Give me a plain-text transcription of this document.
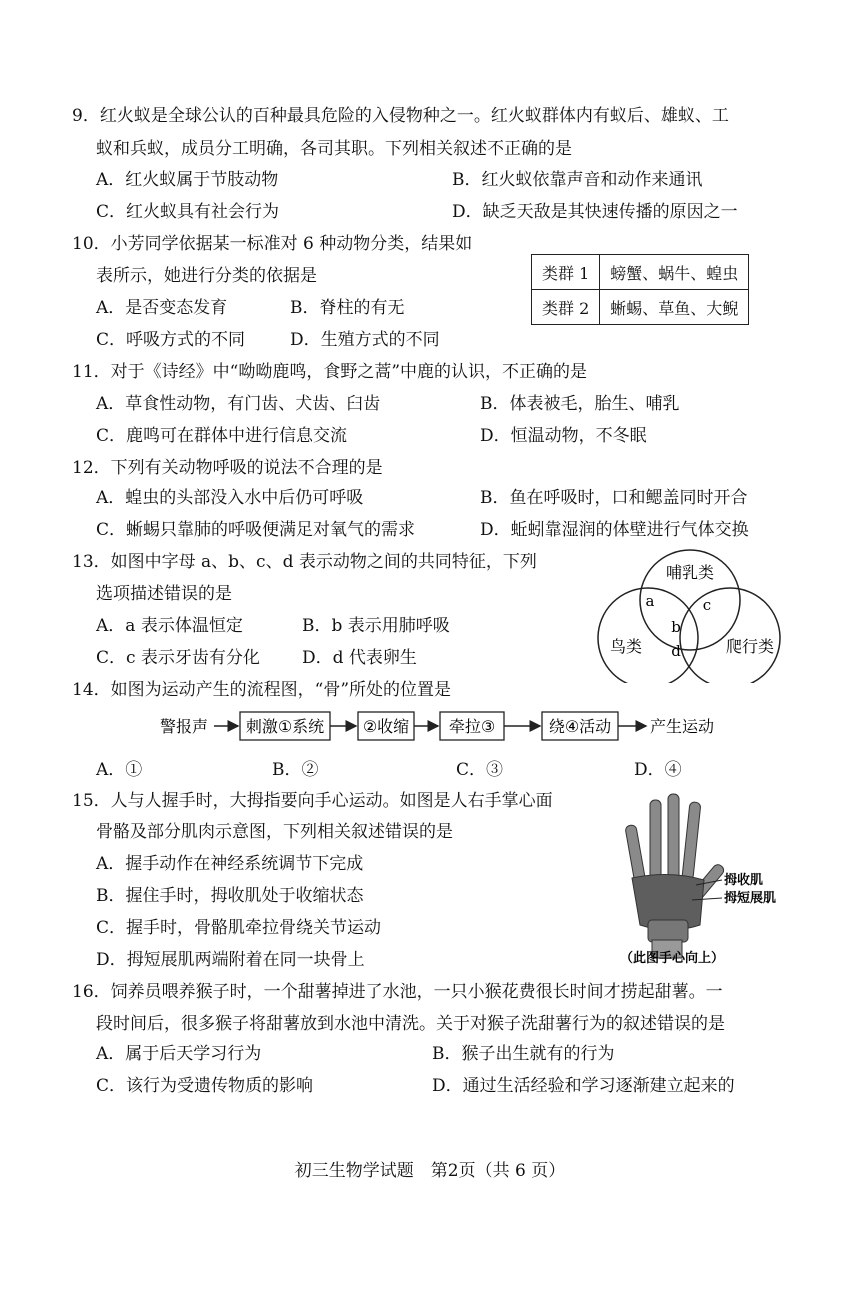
9．红火蚁是全球公认的百种最具危险的入侵物种之一。红火蚁群体内有蚁后、雄蚁、工
蚁和兵蚁，成员分工明确，各司其职。下列相关叙述不正确的是
A．红火蚁属于节肢动物	B．红火蚁依靠声音和动作来通讯
C．红火蚁具有社会行为	D．缺乏天敌是其快速传播的原因之一
10．小芳同学依据某一标准对 6 种动物分类，结果如
表所示，她进行分类的依据是
A．是否变态发育	B．脊柱的有无
C．呼吸方式的不同	D．生殖方式的不同
类群 1	螃蟹、蜗牛、蝗虫
类群 2	蜥蜴、草鱼、大鲵
11．对于《诗经》中“呦呦鹿鸣，食野之蒿”中鹿的认识，不正确的是
A．草食性动物，有门齿、犬齿、臼齿	B．体表被毛，胎生、哺乳
C．鹿鸣可在群体中进行信息交流	D．恒温动物，不冬眠
12．下列有关动物呼吸的说法不合理的是
A．蝗虫的头部没入水中后仍可呼吸	B．鱼在呼吸时，口和鳃盖同时开合
C．蜥蜴只靠肺的呼吸便满足对氧气的需求	D．蚯蚓靠湿润的体壁进行气体交换
13．如图中字母 a、b、c、d 表示动物之间的共同特征，下列
选项描述错误的是
A．a 表示体温恒定	B．b 表示用肺呼吸
C．c 表示牙齿有分化 D．d 代表卵生
哺乳类
鸟类	爬行类
a
b
c
d
14．如图为运动产生的流程图，“骨”所处的位置是
警报声 刺激①系统 ②收缩 牵拉③	绕④活动 产生运动
A．①	B．②	C．③	D．④
15．人与人握手时，大拇指要向手心运动。如图是人右手掌心面
骨骼及部分肌肉示意图，下列相关叙述错误的是
A．握手动作在神经系统调节下完成
B．握住手时，拇收肌处于收缩状态
C．握手时，骨骼肌牵拉骨绕关节运动
D．拇短展肌两端附着在同一块骨上
拇收肌
拇短展肌
（此图手心向上）
16．饲养员喂养猴子时，一个甜薯掉进了水池，一只小猴花费很长时间才捞起甜薯。一
段时间后，很多猴子将甜薯放到水池中清洗。关于对猴子洗甜薯行为的叙述错误的是
A．属于后天学习行为	B．猴子出生就有的行为
C．该行为受遗传物质的影响	D．通过生活经验和学习逐渐建立起来的
初三生物学试题　第2页（共 6 页）
